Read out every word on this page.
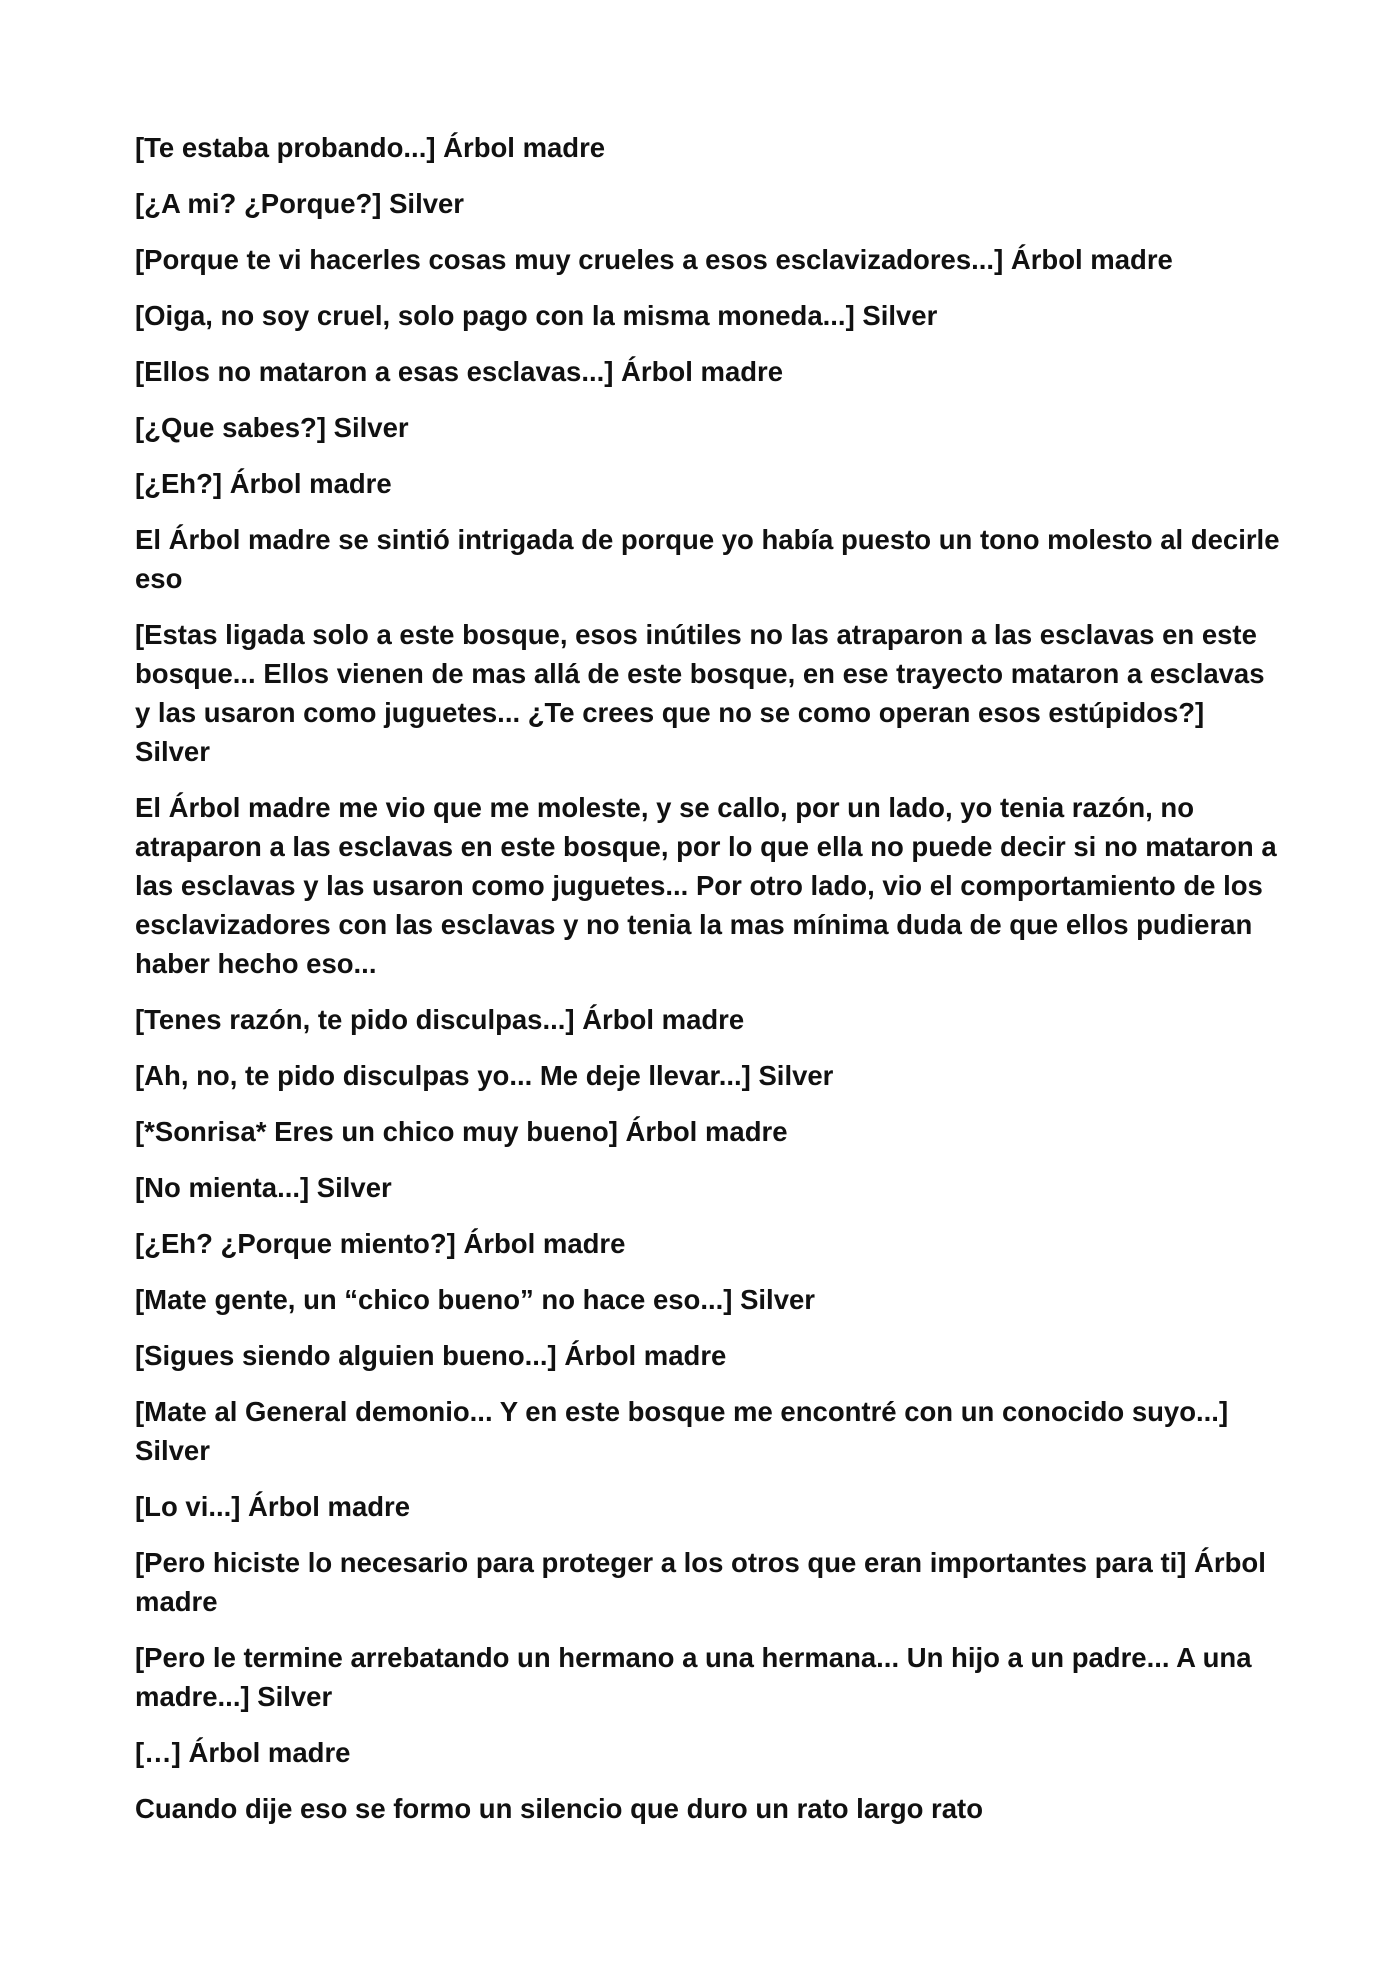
[Te estaba probando...] Árbol madre

[¿A mi? ¿Porque?] Silver

[Porque te vi hacerles cosas muy crueles a esos esclavizadores...] Árbol madre

[Oiga, no soy cruel, solo pago con la misma moneda...] Silver

[Ellos no mataron a esas esclavas...] Árbol madre

[¿Que sabes?] Silver

[¿Eh?] Árbol madre

El Árbol madre se sintió intrigada de porque yo había puesto un tono molesto al decirle eso

[Estas ligada solo a este bosque, esos inútiles no las atraparon a las esclavas en este bosque... Ellos vienen de mas allá de este bosque, en ese trayecto mataron a esclavas y las usaron como juguetes... ¿Te crees que no se como operan esos estúpidos?] Silver

El Árbol madre me vio que me moleste, y se callo, por un lado, yo tenia razón, no atraparon a las esclavas en este bosque, por lo que ella no puede decir si no mataron a las esclavas y las usaron como juguetes... Por otro lado, vio el comportamiento de los esclavizadores con las esclavas y no tenia la mas mínima duda de que ellos pudieran haber hecho eso...

[Tenes razón, te pido disculpas...] Árbol madre

[Ah, no, te pido disculpas yo... Me deje llevar...] Silver

[*Sonrisa* Eres un chico muy bueno] Árbol madre

[No mienta...] Silver

[¿Eh? ¿Porque miento?] Árbol madre

[Mate gente, un “chico bueno” no hace eso...] Silver

[Sigues siendo alguien bueno...] Árbol madre

[Mate al General demonio... Y en este bosque me encontré con un conocido suyo...] Silver

[Lo vi...] Árbol madre

[Pero hiciste lo necesario para proteger a los otros que eran importantes para ti] Árbol madre

[Pero le termine arrebatando un hermano a una hermana... Un hijo a un padre... A una madre...] Silver

[…] Árbol madre

Cuando dije eso se formo un silencio que duro un rato largo rato
